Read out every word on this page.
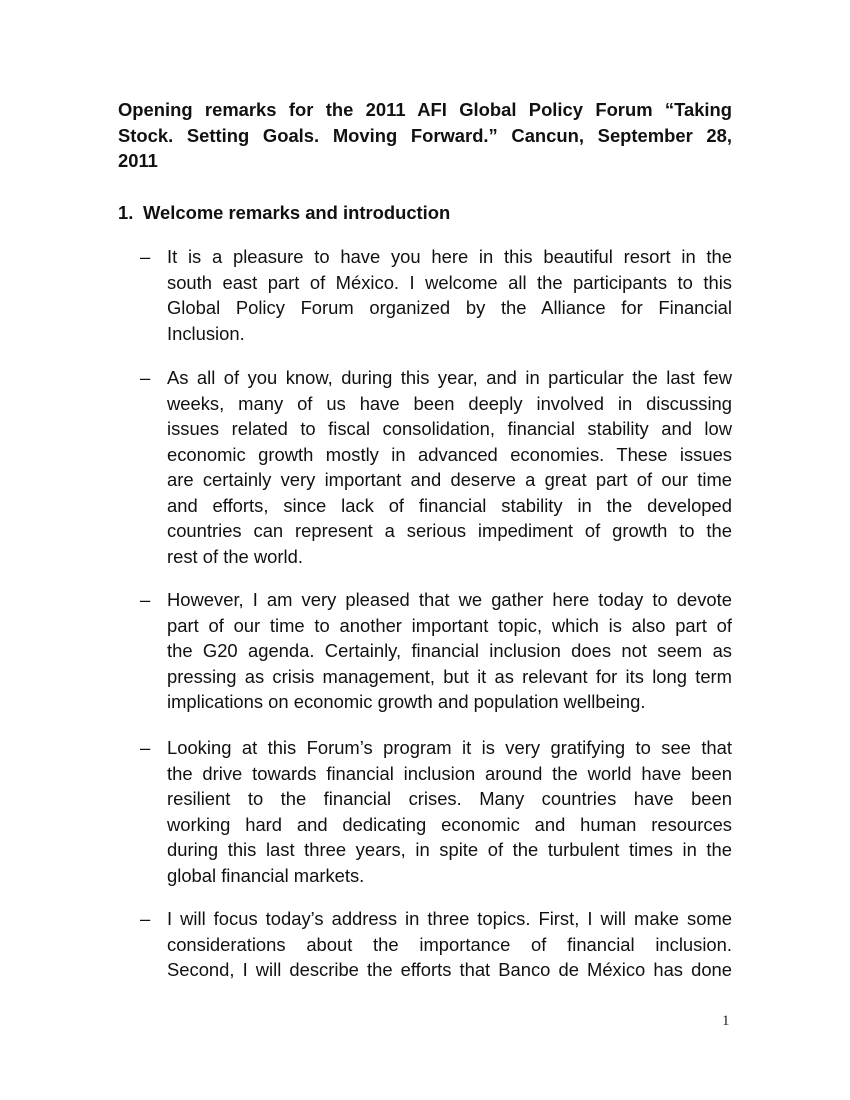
Opening remarks for the 2011 AFI Global Policy Forum “Taking
Stock. Setting Goals. Moving Forward.” Cancun, September 28,
2011
1. Welcome remarks and introduction
– It is a pleasure to have you here in this beautiful resort in the
south east part of México. I welcome all the participants to this
Global Policy Forum organized by the Alliance for Financial
Inclusion.
– As all of you know, during this year, and in particular the last few
weeks, many of us have been deeply involved in discussing
issues related to fiscal consolidation, financial stability and low
economic growth mostly in advanced economies. These issues
are certainly very important and deserve a great part of our time
and efforts, since lack of financial stability in the developed
countries can represent a serious impediment of growth to the
rest of the world.
– However, I am very pleased that we gather here today to devote
part of our time to another important topic, which is also part of
the G20 agenda. Certainly, financial inclusion does not seem as
pressing as crisis management, but it as relevant for its long term
implications on economic growth and population wellbeing.
– Looking at this Forum’s program it is very gratifying to see that
the drive towards financial inclusion around the world have been
resilient to the financial crises. Many countries have been
working hard and dedicating economic and human resources
during this last three years, in spite of the turbulent times in the
global financial markets.
– I will focus today’s address in three topics. First, I will make some
considerations about the importance of financial inclusion.
Second, I will describe the efforts that Banco de México has done
1
